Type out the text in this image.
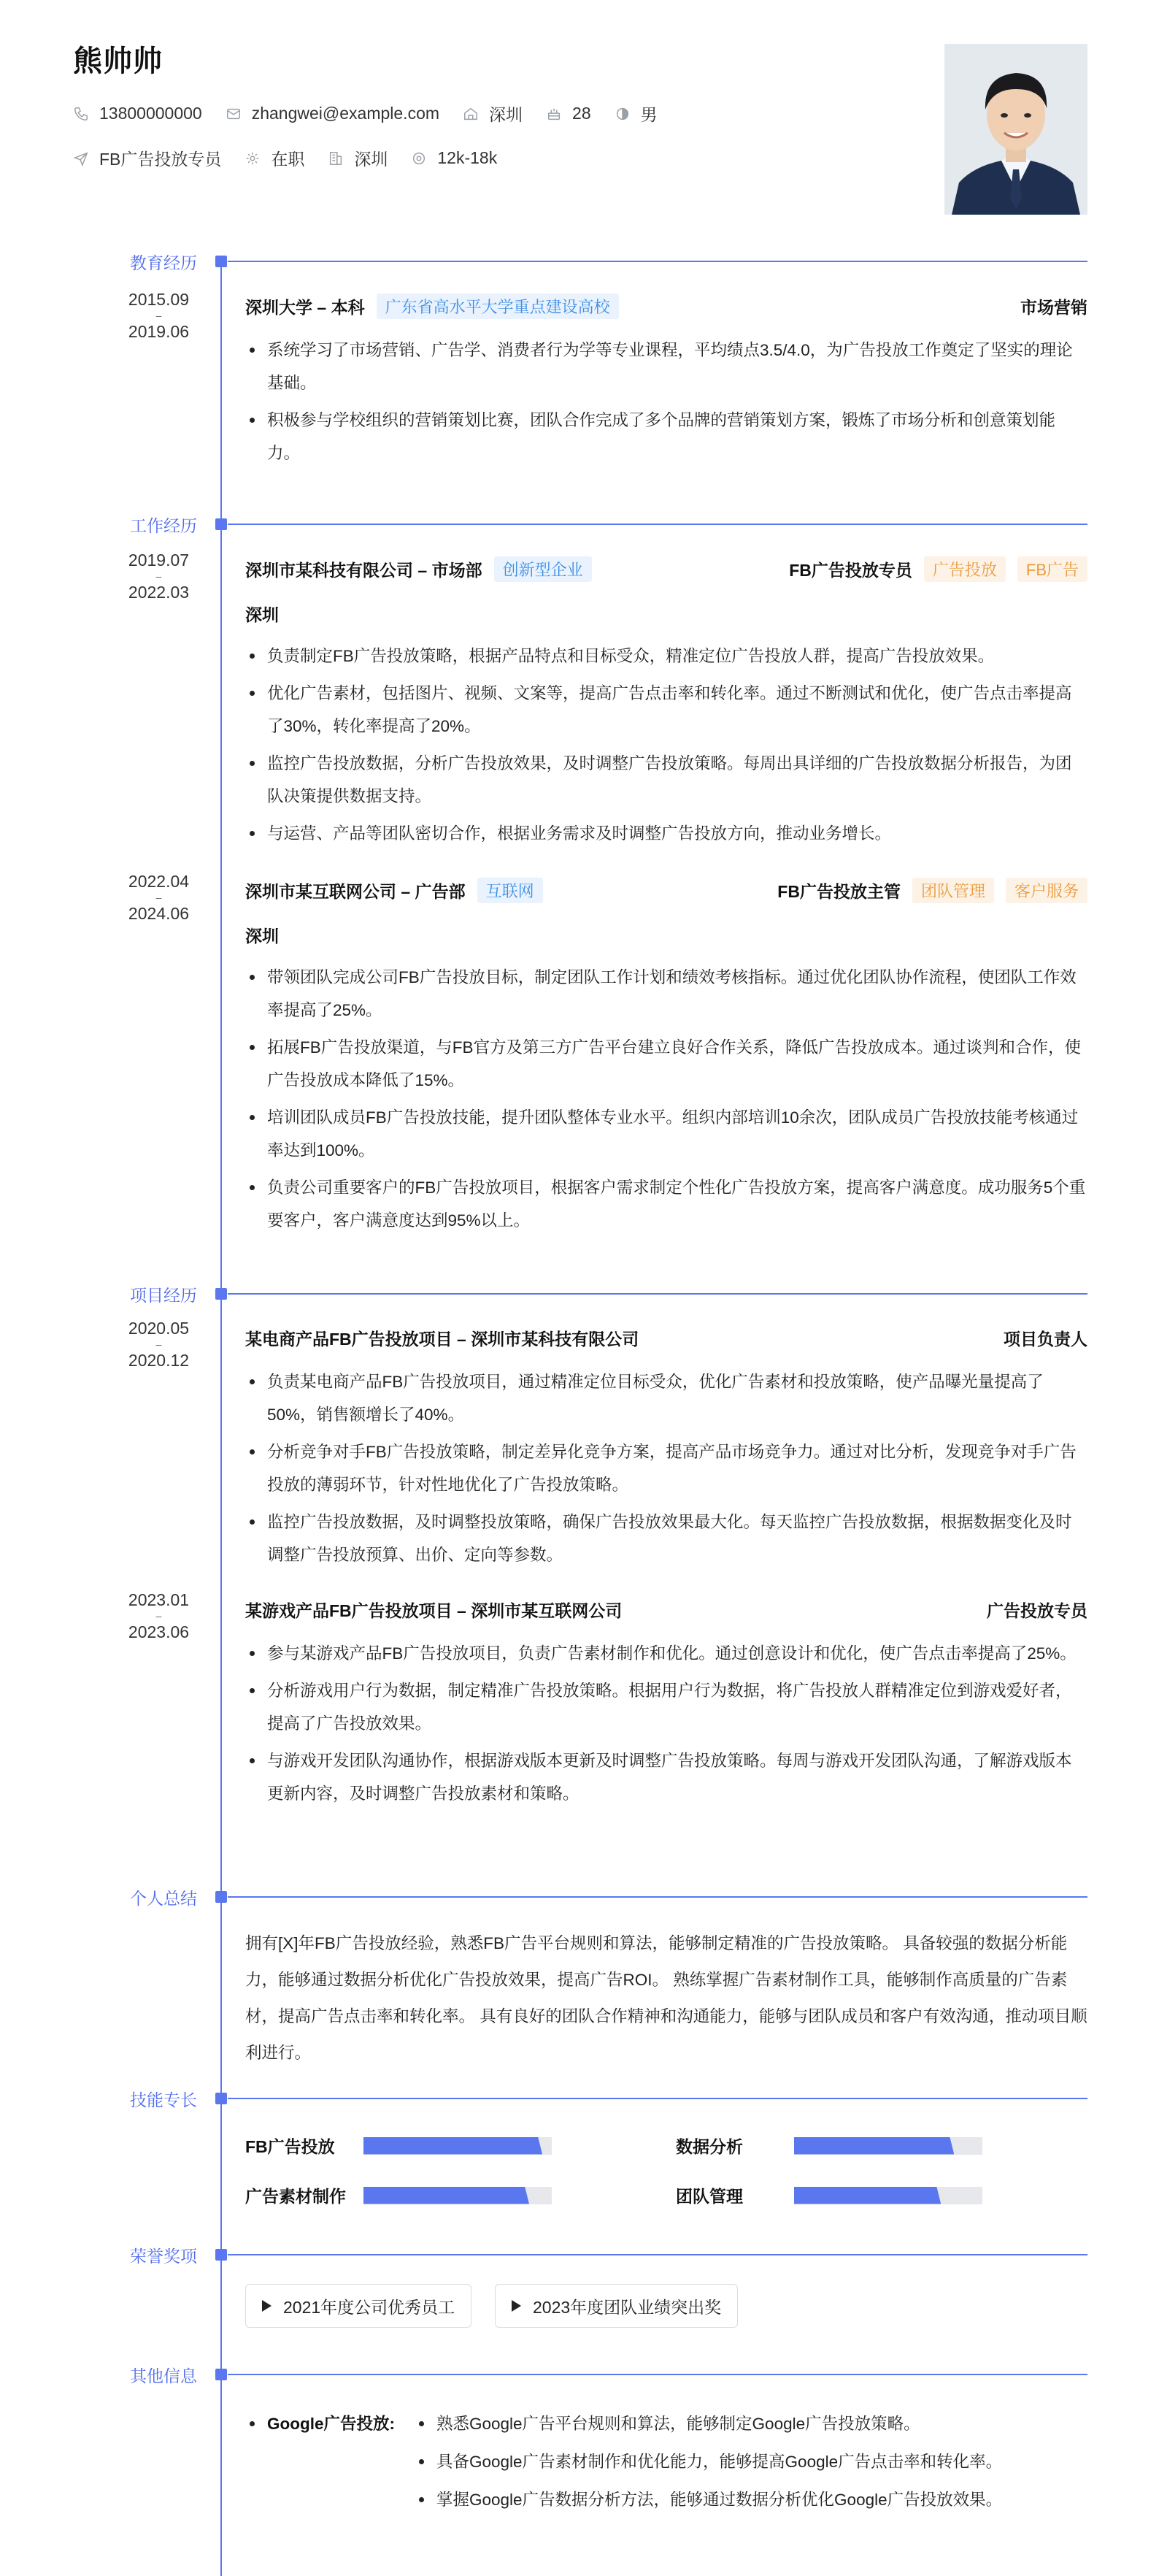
熊帅帅
13800000000	zhangwei@example.com	深圳	28	男
FB广告投放专员	在职	深圳	12k-18k
教育经历
2015.09
–
2019.06
深圳大学 – 本科	广东省高水平大学重点建设高校	市场营销
系统学习了市场营销、广告学、消费者行为学等专业课程，平均绩点3.5/4.0，为广告投放工作奠定了坚实的理论基础。
积极参与学校组织的营销策划比赛，团队合作完成了多个品牌的营销策划方案，锻炼了市场分析和创意策划能力。
工作经历
2019.07
–
2022.03
深圳市某科技有限公司 – 市场部	创新型企业	FB广告投放专员	广告投放	FB广告
深圳
负责制定FB广告投放策略，根据产品特点和目标受众，精准定位广告投放人群，提高广告投放效果。
优化广告素材，包括图片、视频、文案等，提高广告点击率和转化率。通过不断测试和优化，使广告点击率提高了30%，转化率提高了20%。
监控广告投放数据，分析广告投放效果，及时调整广告投放策略。每周出具详细的广告投放数据分析报告，为团队决策提供数据支持。
与运营、产品等团队密切合作，根据业务需求及时调整广告投放方向，推动业务增长。
2022.04
–
2024.06
深圳市某互联网公司 – 广告部	互联网	FB广告投放主管	团队管理	客户服务
深圳
带领团队完成公司FB广告投放目标，制定团队工作计划和绩效考核指标。通过优化团队协作流程，使团队工作效率提高了25%。
拓展FB广告投放渠道，与FB官方及第三方广告平台建立良好合作关系，降低广告投放成本。通过谈判和合作，使广告投放成本降低了15%。
培训团队成员FB广告投放技能，提升团队整体专业水平。组织内部培训10余次，团队成员广告投放技能考核通过率达到100%。
负责公司重要客户的FB广告投放项目，根据客户需求制定个性化广告投放方案，提高客户满意度。成功服务5个重要客户，客户满意度达到95%以上。
项目经历
2020.05
–
2020.12
某电商产品FB广告投放项目 – 深圳市某科技有限公司	项目负责人
负责某电商产品FB广告投放项目，通过精准定位目标受众，优化广告素材和投放策略，使产品曝光量提高了50%，销售额增长了40%。
分析竞争对手FB广告投放策略，制定差异化竞争方案，提高产品市场竞争力。通过对比分析，发现竞争对手广告投放的薄弱环节，针对性地优化了广告投放策略。
监控广告投放数据，及时调整投放策略，确保广告投放效果最大化。每天监控广告投放数据，根据数据变化及时调整广告投放预算、出价、定向等参数。
2023.01
–
2023.06
某游戏产品FB广告投放项目 – 深圳市某互联网公司	广告投放专员
参与某游戏产品FB广告投放项目，负责广告素材制作和优化。通过创意设计和优化，使广告点击率提高了25%。
分析游戏用户行为数据，制定精准广告投放策略。根据用户行为数据，将广告投放人群精准定位到游戏爱好者，提高了广告投放效果。
与游戏开发团队沟通协作，根据游戏版本更新及时调整广告投放策略。每周与游戏开发团队沟通，了解游戏版本更新内容，及时调整广告投放素材和策略。
个人总结
拥有[X]年FB广告投放经验，熟悉FB广告平台规则和算法，能够制定精准的广告投放策略。 具备较强的数据分析能力，能够通过数据分析优化广告投放效果，提高广告ROI。 熟练掌握广告素材制作工具，能够制作高质量的广告素材，提高广告点击率和转化率。 具有良好的团队合作精神和沟通能力，能够与团队成员和客户有效沟通，推动项目顺利进行。
技能专长
FB广告投放	数据分析
广告素材制作	团队管理
荣誉奖项
2021年度公司优秀员工	2023年度团队业绩突出奖
其他信息
Google广告投放:	熟悉Google广告平台规则和算法，能够制定Google广告投放策略。
具备Google广告素材制作和优化能力，能够提高Google广告点击率和转化率。
掌握Google广告数据分析方法，能够通过数据分析优化Google广告投放效果。
